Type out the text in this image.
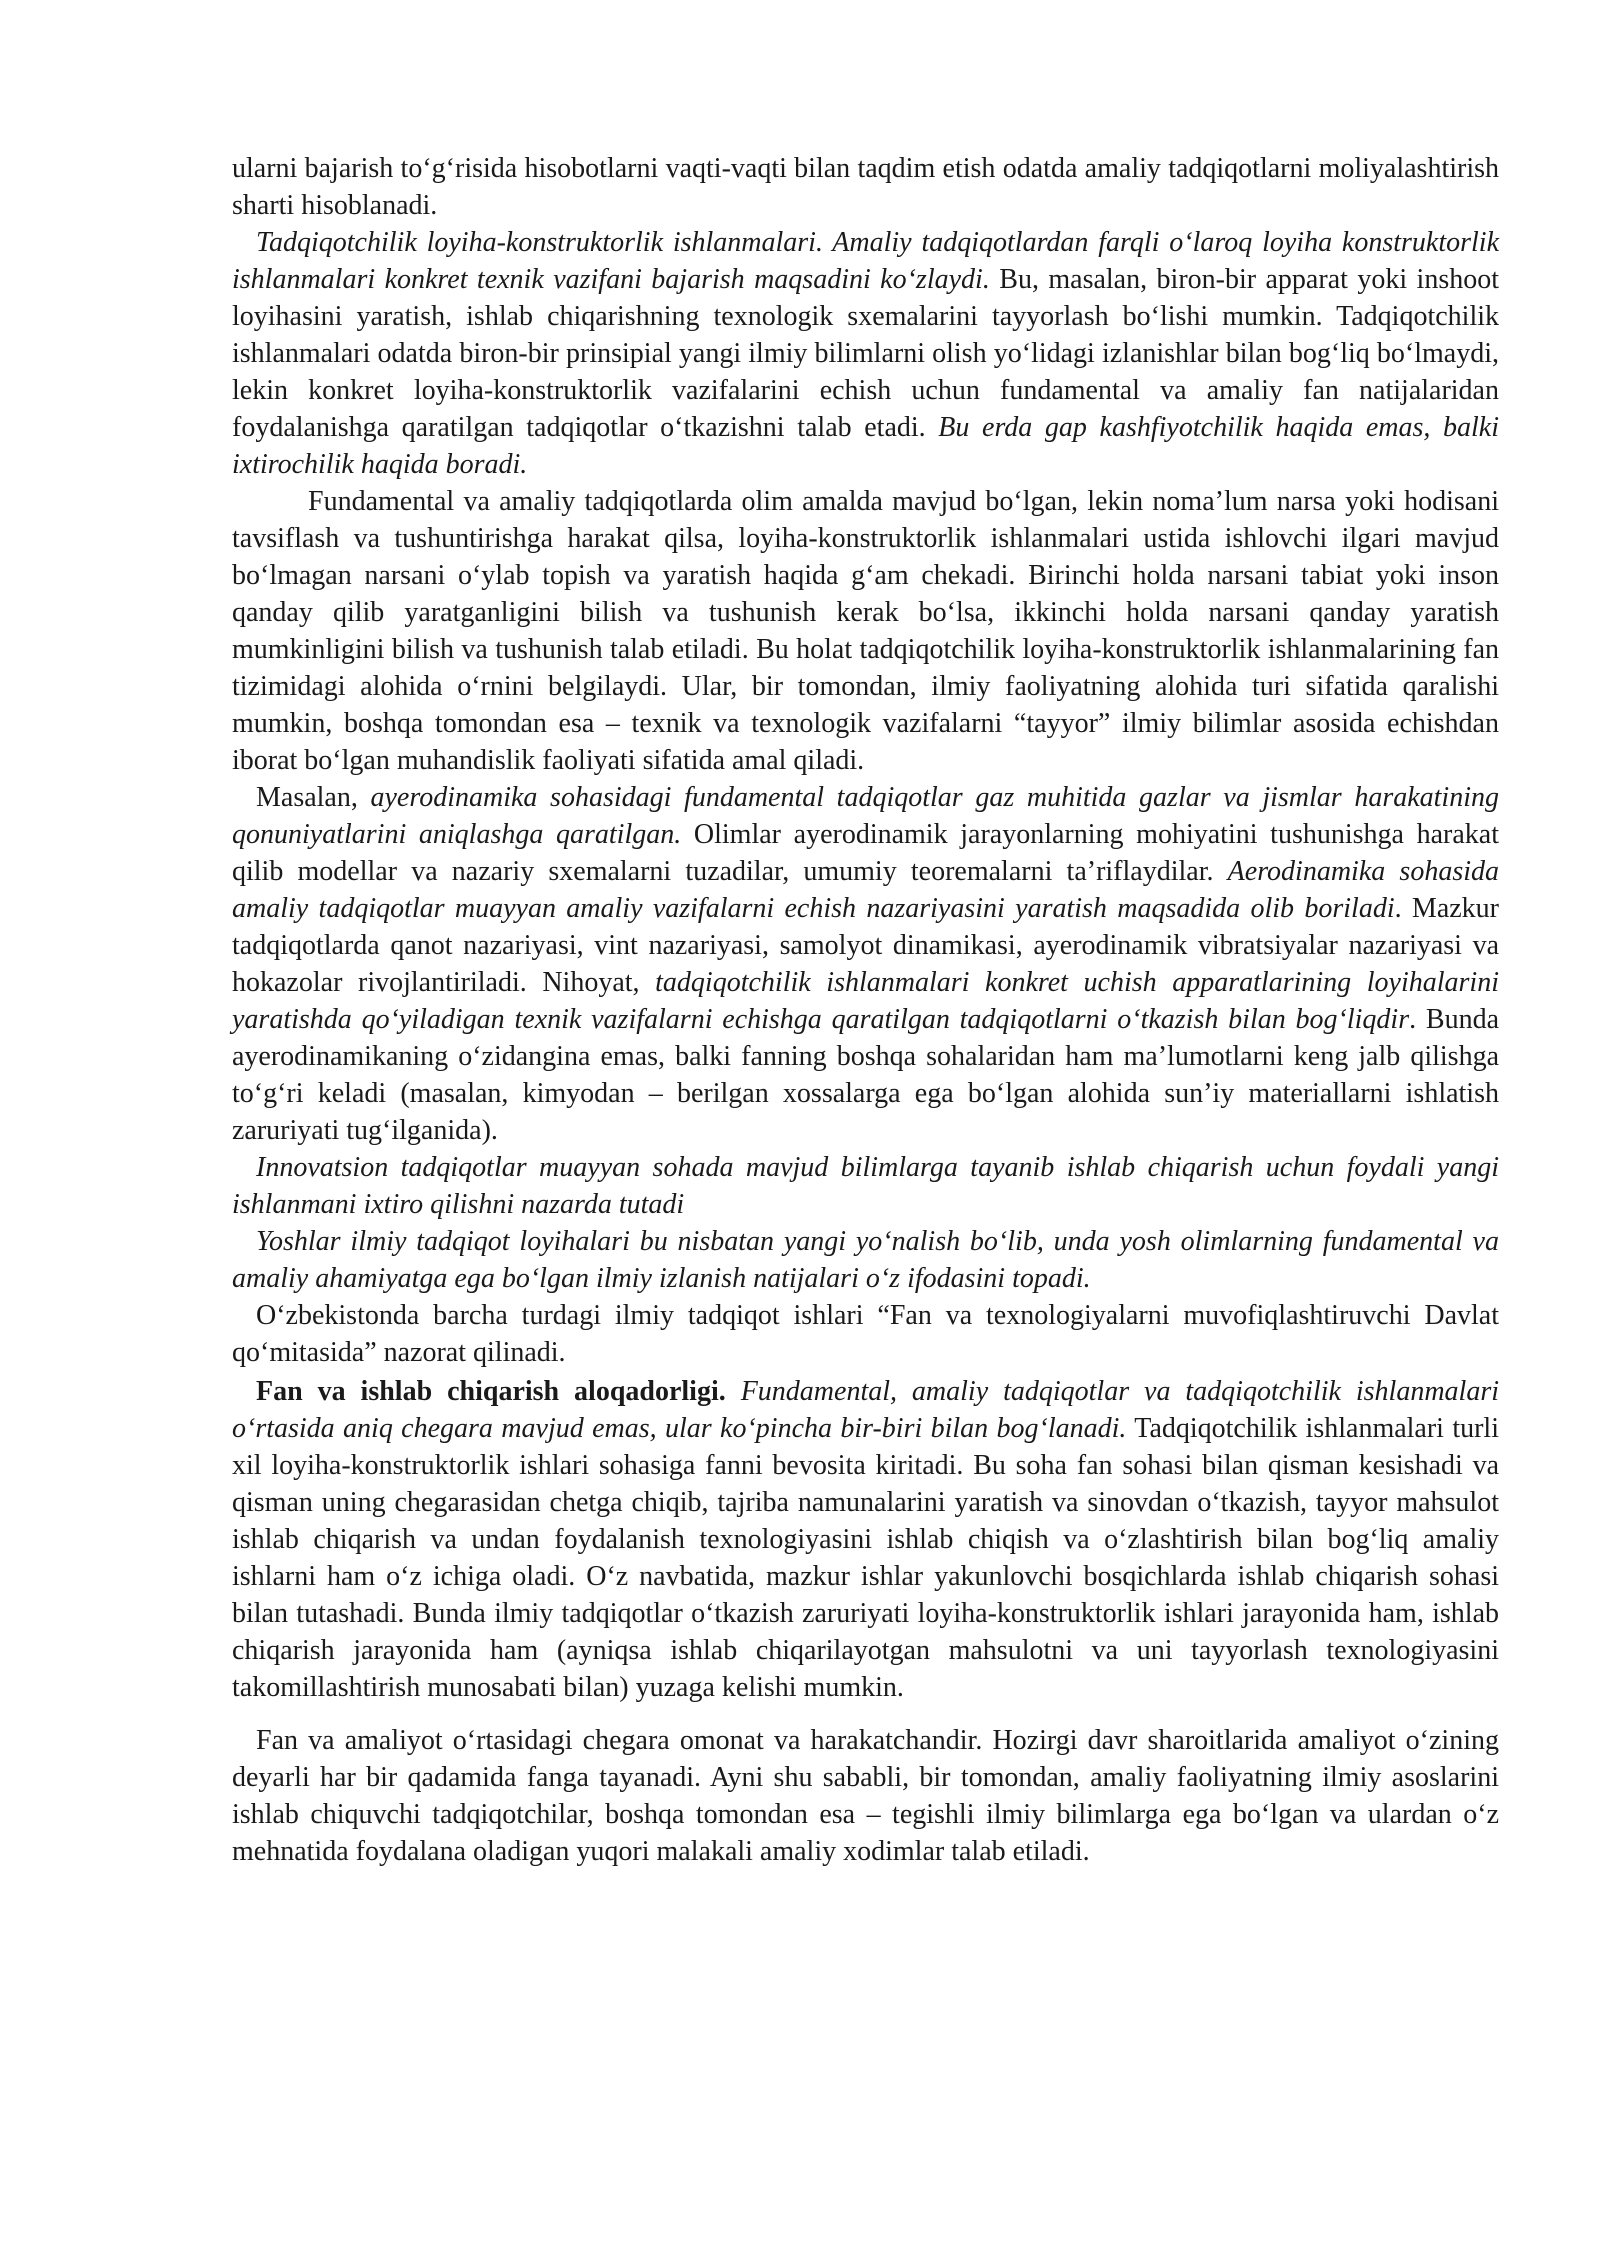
ularni bajarish to‘g‘risida hisobotlarni vaqti-vaqti bilan taqdim etish odatda amaliy tadqiqotlarni moliyalashtirish sharti hisoblanadi.

Tadqiqotchilik loyiha-konstruktorlik ishlanmalari. Amaliy tadqiqotlardan farqli o‘laroq loyiha konstruktorlik ishlanmalari konkret texnik vazifani bajarish maqsadini ko‘zlaydi. Bu, masalan, biron-bir apparat yoki inshoot loyihasini yaratish, ishlab chiqarishning texnologik sxemalarini tayyorlash bo‘lishi mumkin. Tadqiqotchilik ishlanmalari odatda biron-bir prinsipial yangi ilmiy bilimlarni olish yo‘lidagi izlanishlar bilan bog‘liq bo‘lmaydi, lekin konkret loyiha-konstruktorlik vazifalarini echish uchun fundamental va amaliy fan natijalaridan foydalanishga qaratilgan tadqiqotlar o‘tkazishni talab etadi. Bu erda gap kashfiyotchilik haqida emas, balki ixtirochilik haqida boradi.

Fundamental va amaliy tadqiqotlarda olim amalda mavjud bo‘lgan, lekin noma’lum narsa yoki hodisani tavsiflash va tushuntirishga harakat qilsa, loyiha-konstruktorlik ishlanmalari ustida ishlovchi ilgari mavjud bo‘lmagan narsani o‘ylab topish va yaratish haqida g‘am chekadi. Birinchi holda narsani tabiat yoki inson qanday qilib yaratganligini bilish va tushunish kerak bo‘lsa, ikkinchi holda narsani qanday yaratish mumkinligini bilish va tushunish talab etiladi. Bu holat tadqiqotchilik loyiha-konstruktorlik ishlanmalarining fan tizimidagi alohida o‘rnini belgilaydi. Ular, bir tomondan, ilmiy faoliyatning alohida turi sifatida qaralishi mumkin, boshqa tomondan esa – texnik va texnologik vazifalarni “tayyor” ilmiy bilimlar asosida echishdan iborat bo‘lgan muhandislik faoliyati sifatida amal qiladi.

Masalan, ayerodinamika sohasidagi fundamental tadqiqotlar gaz muhitida gazlar va jismlar harakatining qonuniyatlarini aniqlashga qaratilgan. Olimlar ayerodinamik jarayonlarning mohiyatini tushunishga harakat qilib modellar va nazariy sxemalarni tuzadilar, umumiy teoremalarni ta’riflaydilar. Aerodinamika sohasida amaliy tadqiqotlar muayyan amaliy vazifalarni echish nazariyasini yaratish maqsadida olib boriladi. Mazkur tadqiqotlarda qanot nazariyasi, vint nazariyasi, samolyot dinamikasi, ayerodinamik vibratsiyalar nazariyasi va hokazolar rivojlantiriladi. Nihoyat, tadqiqotchilik ishlanmalari konkret uchish apparatlarining loyihalarini yaratishda qo‘yiladigan texnik vazifalarni echishga qaratilgan tadqiqotlarni o‘tkazish bilan bog‘liqdir. Bunda ayerodinamikaning o‘zidangina emas, balki fanning boshqa sohalaridan ham ma’lumotlarni keng jalb qilishga to‘g‘ri keladi (masalan, kimyodan – berilgan xossalarga ega bo‘lgan alohida sun’iy materiallarni ishlatish zaruriyati tug‘ilganida).

Innovatsion tadqiqotlar muayyan sohada mavjud bilimlarga tayanib ishlab chiqarish uchun foydali yangi ishlanmani ixtiro qilishni nazarda tutadi

Yoshlar ilmiy tadqiqot loyihalari bu nisbatan yangi yo‘nalish bo‘lib, unda yosh olimlarning fundamental va amaliy ahamiyatga ega bo‘lgan ilmiy izlanish natijalari o‘z ifodasini topadi.

O‘zbekistonda barcha turdagi ilmiy tadqiqot ishlari “Fan va texnologiyalarni muvofiqlashtiruvchi Davlat qo‘mitasida” nazorat qilinadi.

Fan va ishlab chiqarish aloqadorligi. Fundamental, amaliy tadqiqotlar va tadqiqotchilik ishlanmalari o‘rtasida aniq chegara mavjud emas, ular ko‘pincha bir-biri bilan bog‘lanadi. Tadqiqotchilik ishlanmalari turli xil loyiha-konstruktorlik ishlari sohasiga fanni bevosita kiritadi. Bu soha fan sohasi bilan qisman kesishadi va qisman uning chegarasidan chetga chiqib, tajriba namunalarini yaratish va sinovdan o‘tkazish, tayyor mahsulot ishlab chiqarish va undan foydalanish texnologiyasini ishlab chiqish va o‘zlashtirish bilan bog‘liq amaliy ishlarni ham o‘z ichiga oladi. O‘z navbatida, mazkur ishlar yakunlovchi bosqichlarda ishlab chiqarish sohasi bilan tutashadi. Bunda ilmiy tadqiqotlar o‘tkazish zaruriyati loyiha-konstruktorlik ishlari jarayonida ham, ishlab chiqarish jarayonida ham (ayniqsa ishlab chiqarilayotgan mahsulotni va uni tayyorlash texnologiyasini takomillashtirish munosabati bilan) yuzaga kelishi mumkin.

Fan va amaliyot o‘rtasidagi chegara omonat va harakatchandir. Hozirgi davr sharoitlarida amaliyot o‘zining deyarli har bir qadamida fanga tayanadi. Ayni shu sababli, bir tomondan, amaliy faoliyatning ilmiy asoslarini ishlab chiquvchi tadqiqotchilar, boshqa tomondan esa – tegishli ilmiy bilimlarga ega bo‘lgan va ulardan o‘z mehnatida foydalana oladigan yuqori malakali amaliy xodimlar talab etiladi.
